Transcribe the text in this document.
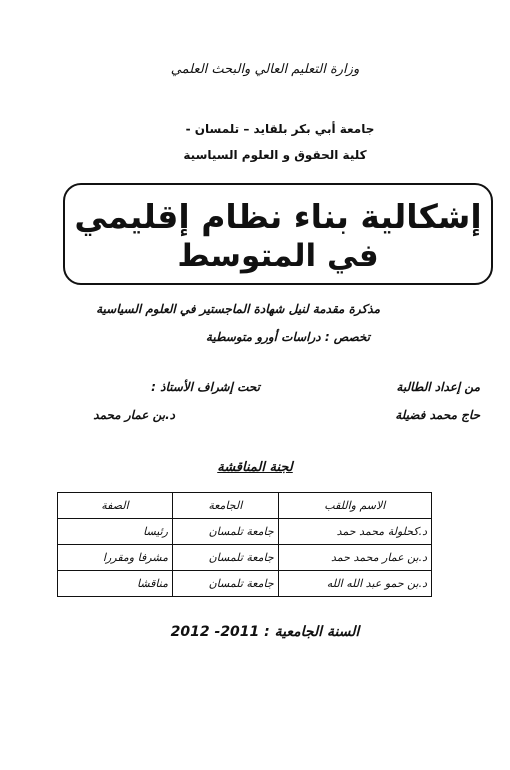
وزارة التعليم العالي والبحث العلمي
جامعة أبي بكر بلقايد – تلمسان -
كلية الحقوق و العلوم السياسية
إشكالية بناء نظام إقليمي
في المتوسط
مذكرة مقدمة لنيل شهادة الماجستير في العلوم السياسية
تخصص : دراسات أورو متوسطية
من إعداد الطالبة
تحت إشراف الأستاذ :
حاج محمد فضيلة
د.بن عمار محمد
لجنة المناقشة
الاسم واللقب	الجامعة	الصفة
د.كحلولة محمد حمد	جامعة تلمسان	رئيسا
د.بن عمار محمد حمد	جامعة تلمسان	مشرفا ومقررا
د.بن حمو عبد الله الله	جامعة تلمسان	مناقشا
السنة الجامعية : 2011- 2012
